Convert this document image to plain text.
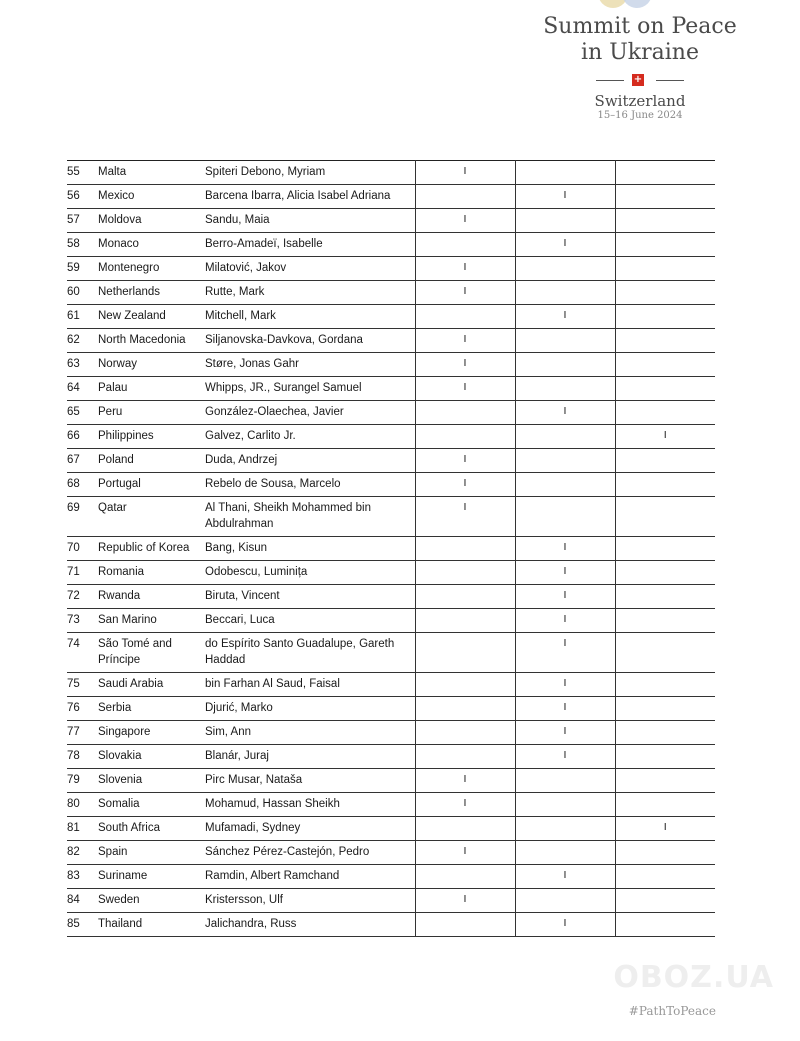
Summit on Peace
in Ukraine
+
Switzerland
15–16 June 2024
55	Malta	Spiteri Debono, Myriam	I		
56	Mexico	Barcena Ibarra, Alicia Isabel Adriana		I	
57	Moldova	Sandu, Maia	I		
58	Monaco	Berro-Amadeï, Isabelle		I	
59	Montenegro	Milatović, Jakov	I		
60	Netherlands	Rutte, Mark	I		
61	New Zealand	Mitchell, Mark		I	
62	North Macedonia	Siljanovska-Davkova, Gordana	I		
63	Norway	Støre, Jonas Gahr	I		
64	Palau	Whipps, JR., Surangel Samuel	I		
65	Peru	González-Olaechea, Javier		I	
66	Philippines	Galvez, Carlito Jr.			I
67	Poland	Duda, Andrzej	I		
68	Portugal	Rebelo de Sousa, Marcelo	I		
69	Qatar	Al Thani, Sheikh Mohammed bin Abdulrahman	I		
70	Republic of Korea	Bang, Kisun		I	
71	Romania	Odobescu, Luminița		I	
72	Rwanda	Biruta, Vincent		I	
73	San Marino	Beccari, Luca		I	
74	São Tomé and Príncipe	do Espírito Santo Guadalupe, Gareth Haddad		I	
75	Saudi Arabia	bin Farhan Al Saud, Faisal		I	
76	Serbia	Djurić, Marko		I	
77	Singapore	Sim, Ann		I	
78	Slovakia	Blanár, Juraj		I	
79	Slovenia	Pirc Musar, Nataša	I		
80	Somalia	Mohamud, Hassan Sheikh	I		
81	South Africa	Mufamadi, Sydney			I
82	Spain	Sánchez Pérez-Castejón, Pedro	I		
83	Suriname	Ramdin, Albert Ramchand		I	
84	Sweden	Kristersson, Ulf	I		
85	Thailand	Jalichandra, Russ		I	
OBOZ.UA
#PathToPeace
